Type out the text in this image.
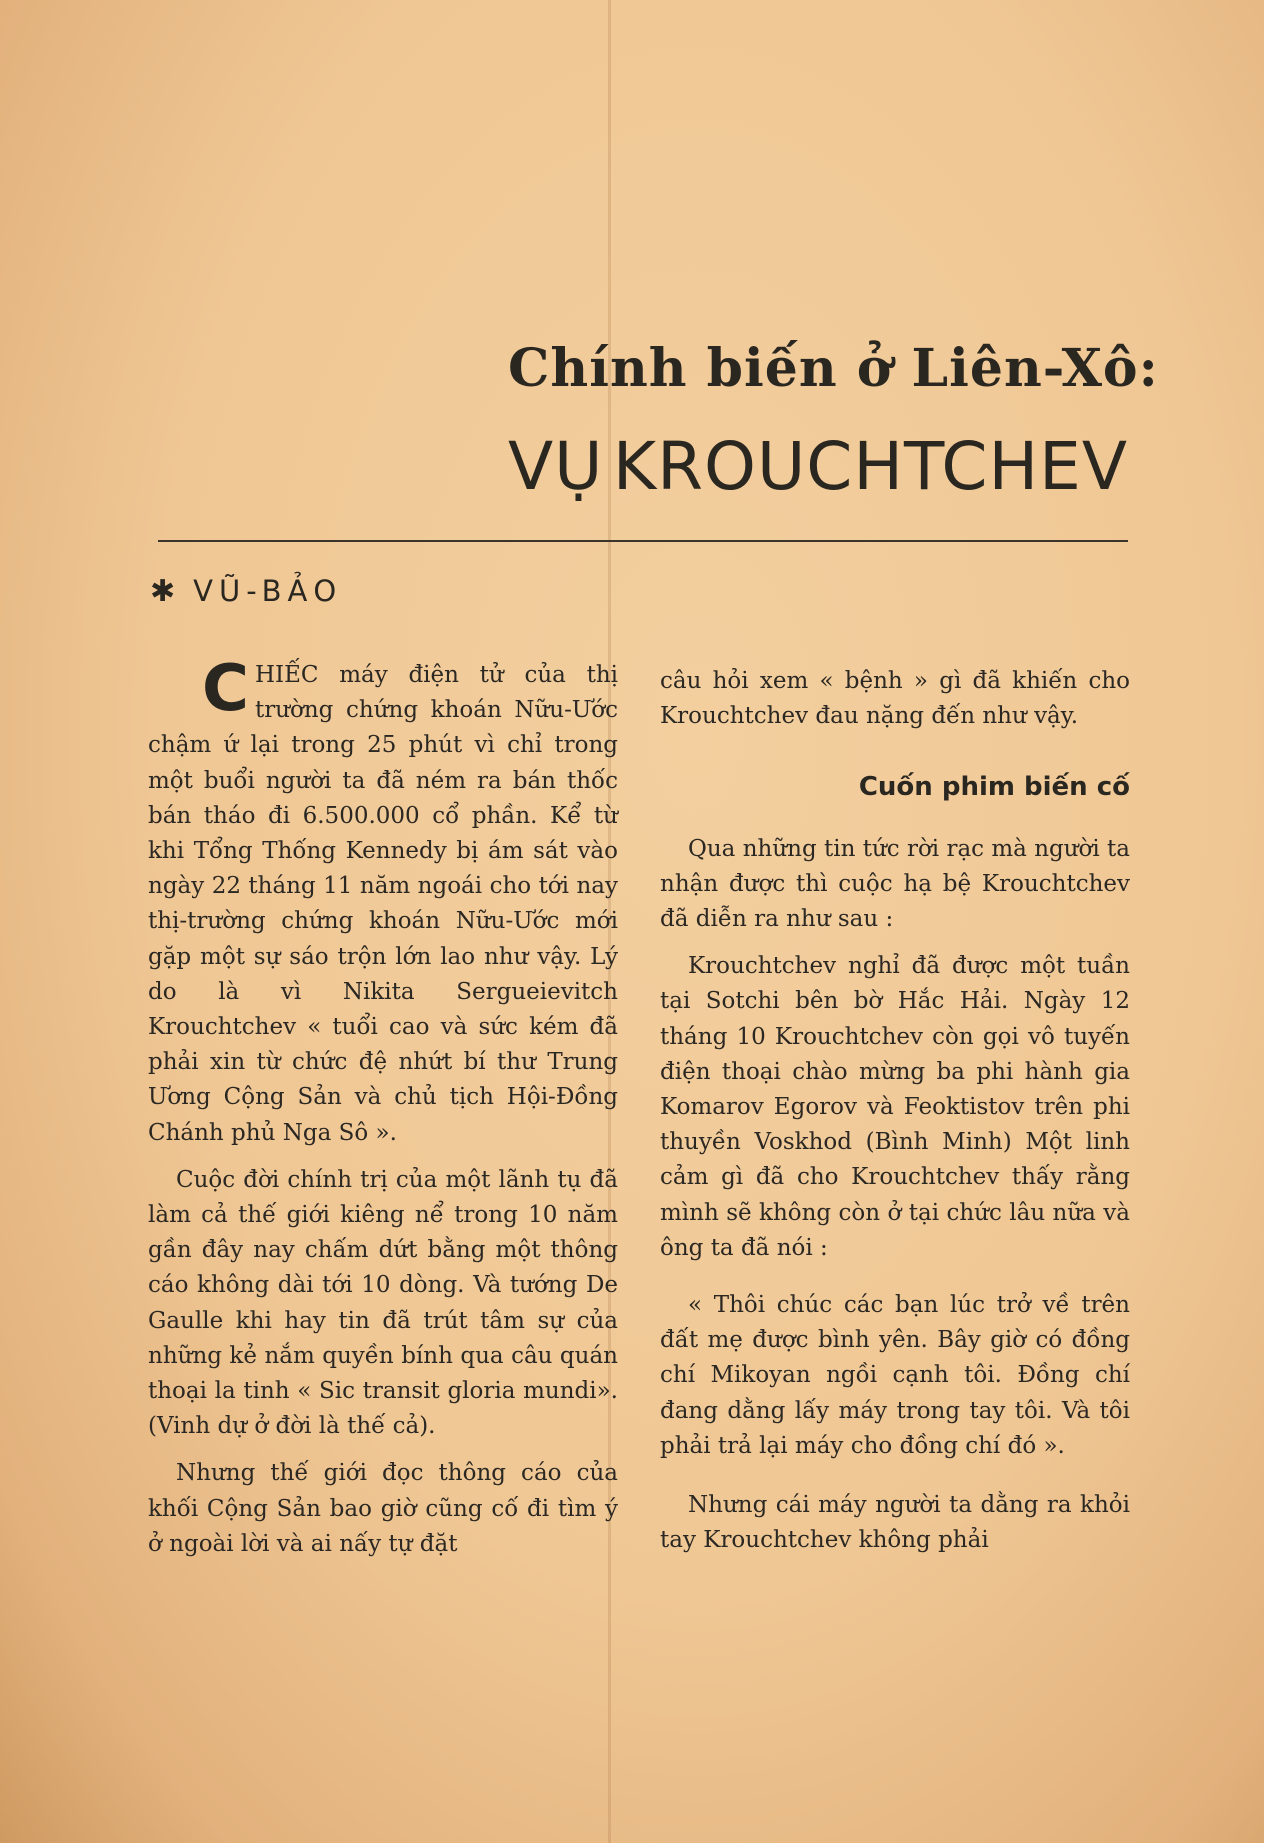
Chính biến ở Liên-Xô:
VỤ KROUCHTCHEV
✱ VŨ-BẢO

CHIẾC máy điện tử của thị trường chứng khoán Nữu-Ước chậm ứ lại trong 25 phút vì chỉ trong một buổi người ta đã ném ra bán thốc bán tháo đi 6.500.000 cổ phần. Kể từ khi Tổng Thống Kennedy bị ám sát vào ngày 22 tháng 11 năm ngoái cho tới nay thị-trường chứng khoán Nữu-Ước mới gặp một sự sáo trộn lớn lao như vậy. Lý do là vì Nikita Sergueievitch Krouchtchev « tuổi cao và sức kém đã phải xin từ chức đệ nhứt bí thư Trung Ương Cộng Sản và chủ tịch Hội-Đồng Chánh phủ Nga Sô ».

Cuộc đời chính trị của một lãnh tụ đã làm cả thế giới kiêng nể trong 10 năm gần đây nay chấm dứt bằng một thông cáo không dài tới 10 dòng. Và tướng De Gaulle khi hay tin đã trút tâm sự của những kẻ nắm quyền bính qua câu quán thoại la tinh « Sic transit gloria mundi». (Vinh dự ở đời là thế cả).

Nhưng thế giới đọc thông cáo của khối Cộng Sản bao giờ cũng cố đi tìm ý ở ngoài lời và ai nấy tự đặt

câu hỏi xem « bệnh » gì đã khiến cho Krouchtchev đau nặng đến như vậy.

Cuốn phim biến cố

Qua những tin tức rời rạc mà người ta nhận được thì cuộc hạ bệ Krouchtchev đã diễn ra như sau :

Krouchtchev nghỉ đã được một tuần tại Sotchi bên bờ Hắc Hải. Ngày 12 tháng 10 Krouchtchev còn gọi vô tuyến điện thoại chào mừng ba phi hành gia Komarov Egorov và Feoktistov trên phi thuyền Voskhod (Bình Minh) Một linh cảm gì đã cho Krouchtchev thấy rằng mình sẽ không còn ở tại chức lâu nữa và ông ta đã nói :

« Thôi chúc các bạn lúc trở về trên đất mẹ được bình yên. Bây giờ có đồng chí Mikoyan ngồi cạnh tôi. Đồng chí đang dằng lấy máy trong tay tôi. Và tôi phải trả lại máy cho đồng chí đó ».

Nhưng cái máy người ta dằng ra khỏi tay Krouchtchev không phải
